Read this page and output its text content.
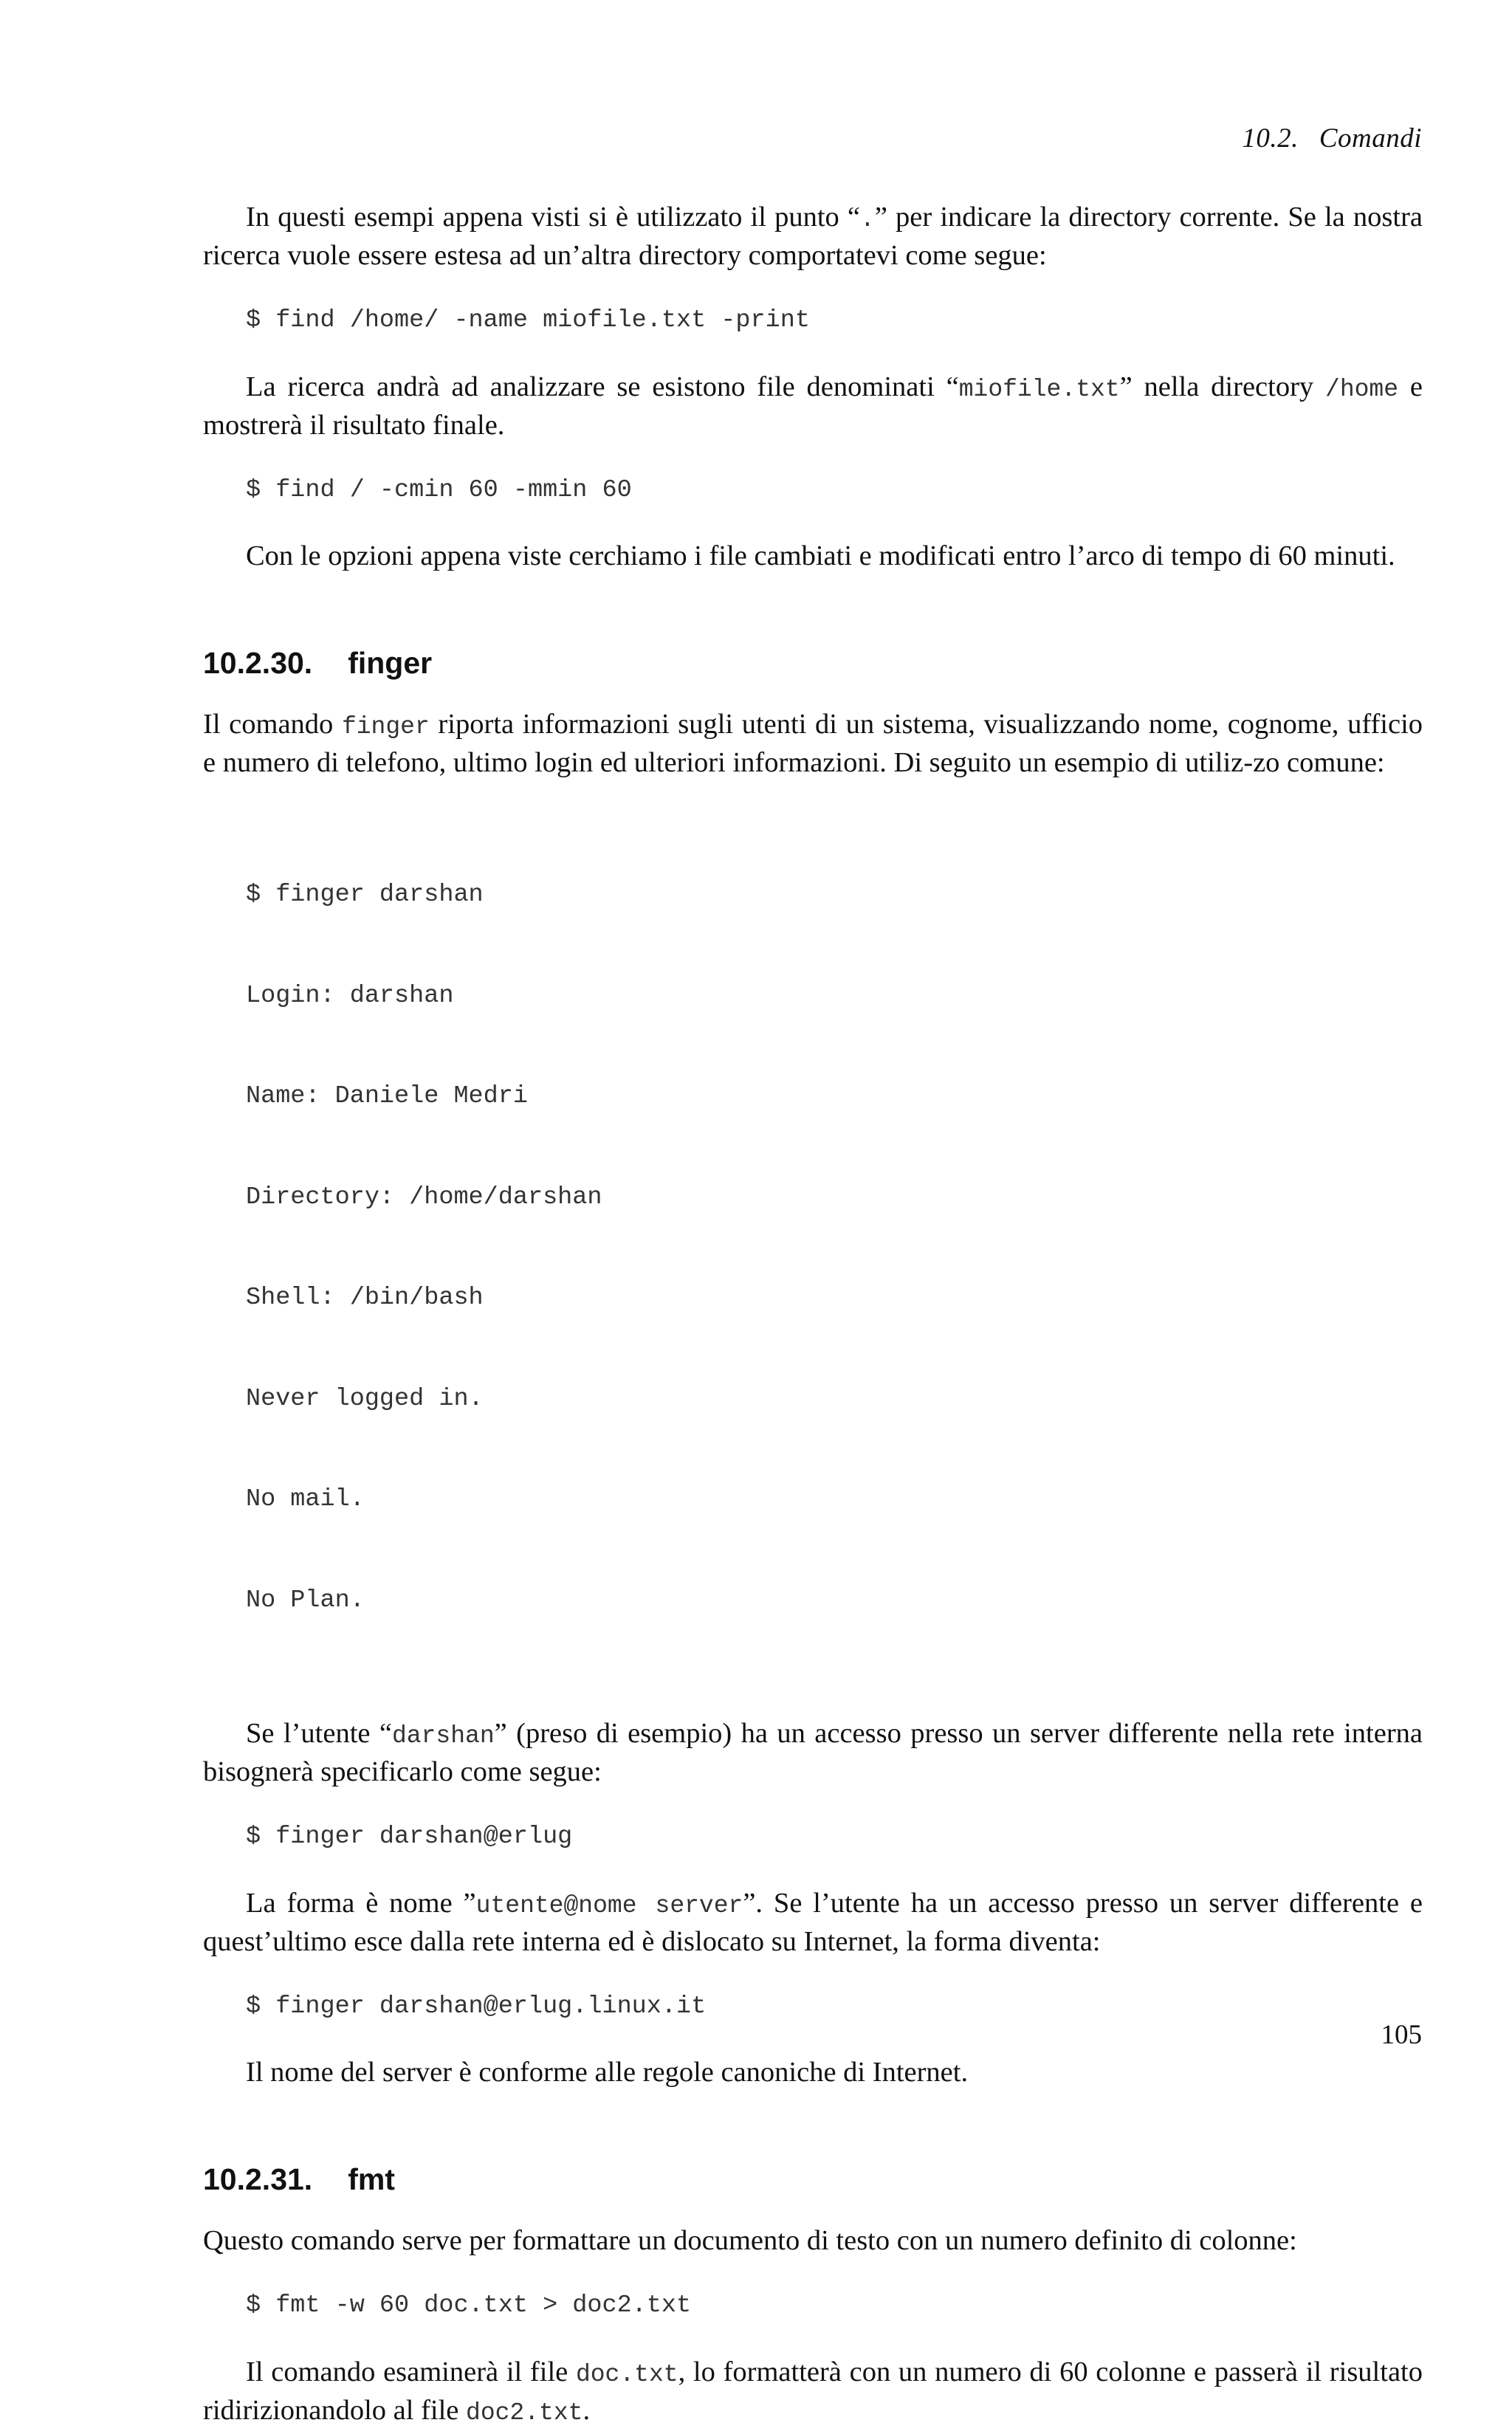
10.2. Comandi

In questi esempi appena visti si è utilizzato il punto “.” per indicare la directory corrente. Se la nostra ricerca vuole essere estesa ad un’altra directory comportatevi come segue:

$ find /home/ -name miofile.txt -print

La ricerca andrà ad analizzare se esistono file denominati “miofile.txt” nella directory /home e mostrerà il risultato finale.

$ find / -cmin 60 -mmin 60

Con le opzioni appena viste cerchiamo i file cambiati e modificati entro l’arco di tempo di 60 minuti.

10.2.30. finger

Il comando finger riporta informazioni sugli utenti di un sistema, visualizzando nome, cognome, ufficio e numero di telefono, ultimo login ed ulteriori informazioni. Di seguito un esempio di utiliz-zo comune:

$ finger darshan

Login: darshan

Name: Daniele Medri

Directory: /home/darshan

Shell: /bin/bash

Never logged in.

No mail.

No Plan.

Se l’utente “darshan” (preso di esempio) ha un accesso presso un server differente nella rete interna bisognerà specificarlo come segue:

$ finger darshan@erlug

La forma è nome ”utente@nome server”. Se l’utente ha un accesso presso un server differente e quest’ultimo esce dalla rete interna ed è dislocato su Internet, la forma diventa:

$ finger darshan@erlug.linux.it

Il nome del server è conforme alle regole canoniche di Internet.

10.2.31. fmt

Questo comando serve per formattare un documento di testo con un numero definito di colonne:

$ fmt -w 60 doc.txt > doc2.txt

Il comando esaminerà il file doc.txt, lo formatterà con un numero di 60 colonne e passerà il risultato ridirizionandolo al file doc2.txt.

105
